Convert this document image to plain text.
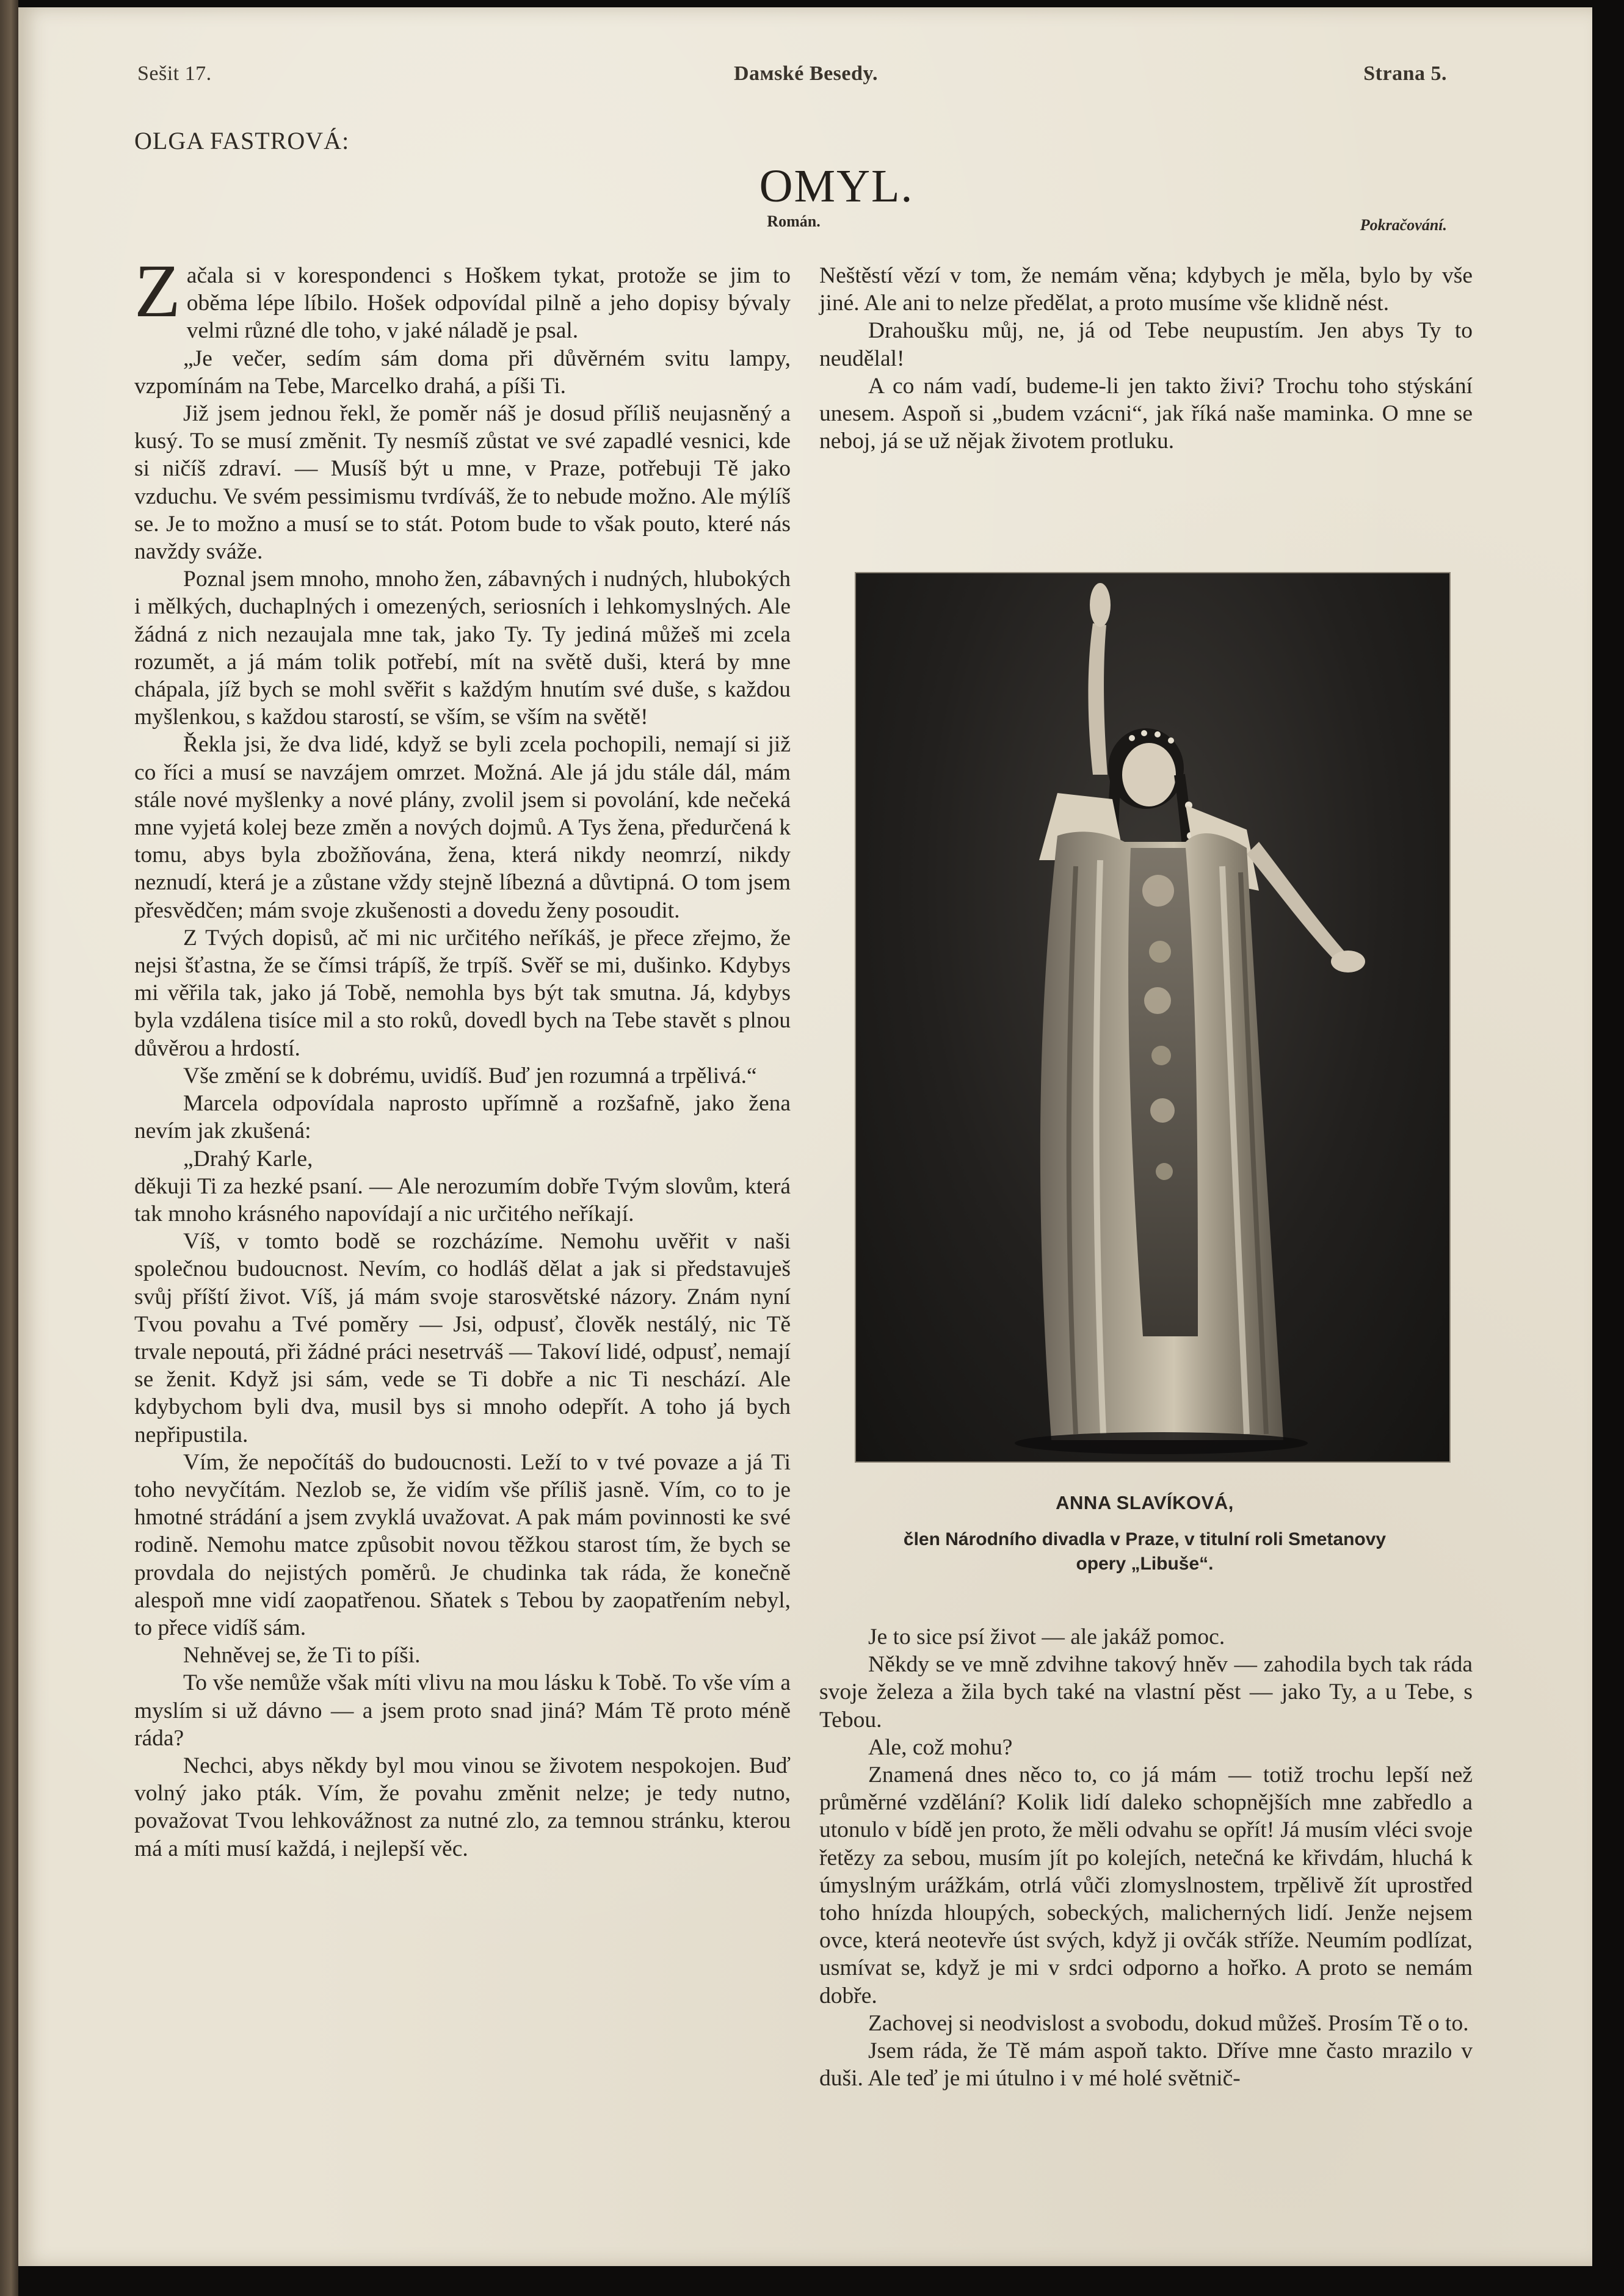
Sešit 17.	Dамské Besedy.	Strana 5.
OLGA FASTROVÁ:
OMYL.
Román.	Pokračování.

Začala si v korespondenci s Hoškem tykat, protože se jim to oběma lépe líbilo. Hošek odpovídal pilně a jeho dopisy bývaly velmi různé dle toho, v jaké náladě je psal.

„Je večer, sedím sám doma při důvěrném svitu lampy, vzpomínám na Tebe, Marcelko drahá, a píši Ti.

Již jsem jednou řekl, že poměr náš je dosud příliš neujasněný a kusý. To se musí změnit. Ty nesmíš zůstat ve své zapadlé vesnici, kde si ničíš zdraví. — Musíš být u mne, v Praze, potřebuji Tě jako vzduchu. Ve svém pessimismu tvrdíváš, že to nebude možno. Ale mýlíš se. Je to možno a musí se to stát. Potom bude to však pouto, které nás navždy sváže.

Poznal jsem mnoho, mnoho žen, zábavných i nudných, hlubokých i mělkých, duchaplných i omezených, seriosních i lehkomyslných. Ale žádná z nich nezaujala mne tak, jako Ty. Ty jediná můžeš mi zcela rozumět, a já mám tolik potřebí, mít na světě duši, která by mne chápala, jíž bych se mohl svěřit s každým hnutím své duše, s každou myšlenkou, s každou starostí, se vším, se vším na světě!

Řekla jsi, že dva lidé, když se byli zcela pochopili, nemají si již co říci a musí se navzájem omrzet. Možná. Ale já jdu stále dál, mám stále nové myšlenky a nové plány, zvolil jsem si povolání, kde nečeká mne vyjetá kolej beze změn a nových dojmů. A Tys žena, předurčená k tomu, abys byla zbožňována, žena, která nikdy neomrzí, nikdy neznudí, která je a zůstane vždy stejně líbezná a důvtipná. O tom jsem přesvědčen; mám svoje zkušenosti a dovedu ženy posoudit.

Z Tvých dopisů, ač mi nic určitého neříkáš, je přece zřejmo, že nejsi šťastna, že se čímsi trápíš, že trpíš. Svěř se mi, dušinko. Kdybys mi věřila tak, jako já Tobě, nemohla bys být tak smutna. Já, kdybys byla vzdálena tisíce mil a sto roků, dovedl bych na Tebe stavět s plnou důvěrou a hrdostí.

Vše změní se k dobrému, uvidíš. Buď jen rozumná a trpělivá.“

Marcela odpovídala naprosto upřímně a rozšafně, jako žena nevím jak zkušená:

„Drahý Karle,

děkuji Ti za hezké psaní. — Ale nerozumím dobře Tvým slovům, která tak mnoho krásného napovídají a nic určitého neříkají.

Víš, v tomto bodě se rozcházíme. Nemohu uvěřit v naši společnou budoucnost. Nevím, co hodláš dělat a jak si představuješ svůj příští život. Víš, já mám svoje starosvětské názory. Znám nyní Tvou povahu a Tvé poměry — Jsi, odpusť, člověk nestálý, nic Tě trvale nepoutá, při žádné práci nesetrváš — Takoví lidé, odpusť, nemají se ženit. Když jsi sám, vede se Ti dobře a nic Ti neschází. Ale kdybychom byli dva, musil bys si mnoho odepřít. A toho já bych nepřipustila.

Vím, že nepočítáš do budoucnosti. Leží to v tvé povaze a já Ti toho nevyčítám. Nezlob se, že vidím vše příliš jasně. Vím, co to je hmotné strádání a jsem zvyklá uvažovat. A pak mám povinnosti ke své rodině. Nemohu matce způsobit novou těžkou starost tím, že bych se provdala do nejistých poměrů. Je chudinka tak ráda, že konečně alespoň mne vidí zaopatřenou. Sňatek s Tebou by zaopatřením nebyl, to přece vidíš sám.

Nehněvej se, že Ti to píši.

To vše nemůže však míti vlivu na mou lásku k Tobě. To vše vím a myslím si už dávno — a jsem proto snad jiná? Mám Tě proto méně ráda?

Nechci, abys někdy byl mou vinou se životem nespokojen. Buď volný jako pták. Vím, že povahu změnit nelze; je tedy nutno, považovat Tvou lehkovážnost za nutné zlo, za temnou stránku, kterou má a míti musí každá, i nejlepší věc.

Neštěstí vězí v tom, že nemám věna; kdybych je měla, bylo by vše jiné. Ale ani to nelze předělat, a proto musíme vše klidně nést.

Drahoušku můj, ne, já od Tebe neupustím. Jen abys Ty to neudělal!

A co nám vadí, budeme-li jen takto živi? Trochu toho stýskání unesem. Aspoň si „budem vzácni“, jak říká naše maminka. O mne se neboj, já se už nějak životem protluku.

ANNA SLAVÍKOVÁ,
člen Národního divadla v Praze, v titulní roli Smetanovy
opery „Libuše“.

Je to sice psí život — ale jakáž pomoc.

Někdy se ve mně zdvihne takový hněv — zahodila bych tak ráda svoje železa a žila bych také na vlastní pěst — jako Ty, a u Tebe, s Tebou.

Ale, což mohu?

Znamená dnes něco to, co já mám — totiž trochu lepší než průměrné vzdělání? Kolik lidí daleko schopnějších mne zabředlo a utonulo v bídě jen proto, že měli odvahu se opřít! Já musím vléci svoje řetězy za sebou, musím jít po kolejích, netečná ke křivdám, hluchá k úmyslným urážkám, otrlá vůči zlomyslnostem, trpělivě žít uprostřed toho hnízda hloupých, sobeckých, malicherných lidí. Jenže nejsem ovce, která neotevře úst svých, když ji ovčák stříže. Neumím podlízat, usmívat se, když je mi v srdci odporno a hořko. A proto se nemám dobře.

Zachovej si neodvislost a svobodu, dokud můžeš. Prosím Tě o to.

Jsem ráda, že Tě mám aspoň takto. Dříve mne často mrazilo v duši. Ale teď je mi útulno i v mé holé světnič-
